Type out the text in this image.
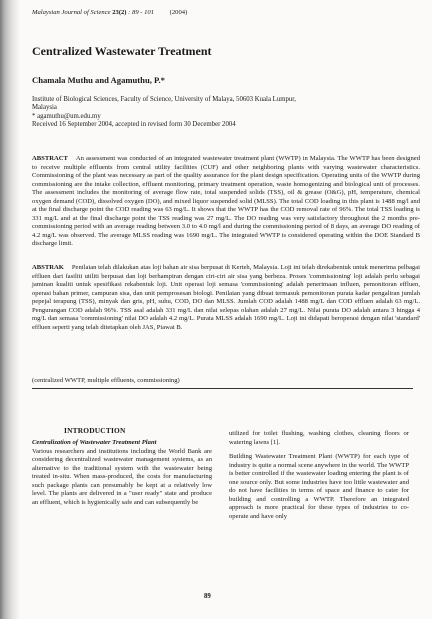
Malaysian Journal of Science 23(2) : 89 - 101 (2004)
Centralized Wastewater Treatment
Chamala Muthu and Agamuthu, P.*
Institute of Biological Sciences, Faculty of Science, University of Malaya, 50603 Kuala Lumpur,
Malaysia
* agamuthu@um.edu.my
Received 16 September 2004, accepted in revised form 30 December 2004

ABSTRACT An assessment was conducted of an integrated wastewater treatment plant (WWTP) in Malaysia. The WWTP has been designed to receive multiple effluents from central utility facilities (CUF) and other neighboring plants with varying wastewater characteristics. Commissioning of the plant was necessary as part of the quality assurance for the plant design specification. Operating units of the WWTP during commissioning are the intake collection, effluent monitoring, primary treatment operation, waste homogenizing and biological unit of processes. The assessment includes the monitoring of average flow rate, total suspended solids (TSS), oil & grease (O&G), pH, temperature, chemical oxygen demand (COD), dissolved oxygen (DO), and mixed liquor suspended solid (MLSS). The total COD loading in this plant is 1488 mg/l and at the final discharge point the COD reading was 63 mg/L. It shows that the WWTP has the COD removal rate of 96%. The total TSS loading is 331 mg/L and at the final discharge point the TSS reading was 27 mg/L. The DO reading was very satisfactory throughout the 2 months pre-commissioning period with an average reading between 3.0 to 4.0 mg/l and during the commissioning period of 8 days, an average DO reading of 4.2 mg/L was observed. The average MLSS reading was 1690 mg/L. The integrated WWTP is considered operating within the DOE Standard B discharge limit.

ABSTRAK Penilaian telah dilakukan atas loji bahan air sisa berpusat di Kerteh, Malaysia. Loji ini telah direkabentuk untuk menerima pelbagai effluen dari fasiliti utiliti berpusat dan loji berhampiran dengan ciri-ciri air sisa yang berbeza. Proses 'commissioning' loji adalah perlu sebagai jaminan kualiti untuk spesifikasi rekabentuk loji. Unit operasi loji semasa 'commissioning' adalah penerimaan influen, pemonitoran effluen, operasi bahan primer, campuran sisa, dan unit pemprosesan biologi. Penilaian yang dibuat termasuk pemonitoran purata kadar pengaliran jumlah pepejal terapung (TSS), minyak dan gris, pH, suhu, COD, DO dan MLSS. Jumlah COD adalah 1488 mg/L dan COD effluen adalah 63 mg/L. Pengurangan COD adalah 96%. TSS asal adalah 331 mg/L dan nilai selepas olahan adalah 27 mg/L. Nilai purata DO adalah antara 3 hingga 4 mg/L dan semasa 'commissioning' nilai DO adalah 4.2 mg/L. Purata MLSS adalah 1690 mg/L. Loji ini didapati beroperasi dengan nilai 'standard' effluen seperti yang telah ditetapkan oleh JAS, Piawai B.

(centralized WWTP, multiple effluents, commissioning)
INTRODUCTION
Centralization of Wastewater Treatment Plant

Various researchers and institutions including the World Bank are considering decentralized wastewater management systems, as an alternative to the traditional system with the wastewater being treated in-situ. When mass-produced, the costs for manufacturing such package plants can presumably be kept at a relatively low level. The plants are delivered in a "user ready" state and produce an effluent, which is hygienically safe and can subsequently be

utilized for toilet flushing, washing clothes, cleaning floors or watering lawns [1].

Building Wastewater Treatment Plant (WWTP) for each type of industry is quite a normal scene anywhere in the world. The WWTP is better controlled if the wastewater loading entering the plant is of one source only. But some industries have too little wastewater and do not have facilities in terms of space and finance to cater for building and controlling a WWTP. Therefore an integrated approach is more practical for these types of industries to co-operate and have only

89
